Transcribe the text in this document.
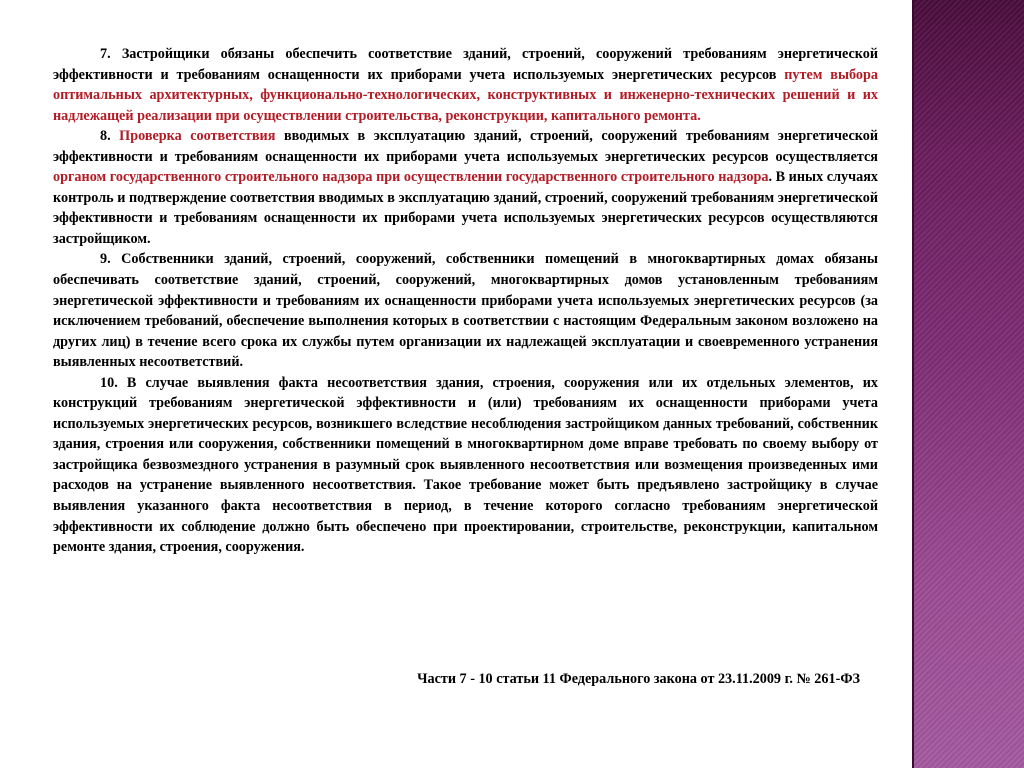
7. Застройщики обязаны обеспечить соответствие зданий, строений, сооружений требованиям энергетической эффективности и требованиям оснащенности их приборами учета используемых энергетических ресурсов путем выбора оптимальных архитектурных, функционально-технологических, конструктивных и инженерно-технических решений и их надлежащей реализации при осуществлении строительства, реконструкции, капитального ремонта.

8. Проверка соответствия вводимых в эксплуатацию зданий, строений, сооружений требованиям энергетической эффективности и требованиям оснащенности их приборами учета используемых энергетических ресурсов осуществляется органом государственного строительного надзора при осуществлении государственного строительного надзора. В иных случаях контроль и подтверждение соответствия вводимых в эксплуатацию зданий, строений, сооружений требованиям энергетической эффективности и требованиям оснащенности их приборами учета используемых энергетических ресурсов осуществляются застройщиком.

9. Собственники зданий, строений, сооружений, собственники помещений в многоквартирных домах обязаны обеспечивать соответствие зданий, строений, сооружений, многоквартирных домов установленным требованиям энергетической эффективности и требованиям их оснащенности приборами учета используемых энергетических ресурсов (за исключением требований, обеспечение выполнения которых в соответствии с настоящим Федеральным законом возложено на других лиц) в течение всего срока их службы путем организации их надлежащей эксплуатации и своевременного устранения выявленных несоответствий.

10. В случае выявления факта несоответствия здания, строения, сооружения или их отдельных элементов, их конструкций требованиям энергетической эффективности и (или) требованиям их оснащенности приборами учета используемых энергетических ресурсов, возникшего вследствие несоблюдения застройщиком данных требований, собственник здания, строения или сооружения, собственники помещений в многоквартирном доме вправе требовать по своему выбору от застройщика безвозмездного устранения в разумный срок выявленного несоответствия или возмещения произведенных ими расходов на устранение выявленного несоответствия. Такое требование может быть предъявлено застройщику в случае выявления указанного факта несоответствия в период, в течение которого согласно требованиям энергетической эффективности их соблюдение должно быть обеспечено при проектировании, строительстве, реконструкции, капитальном ремонте здания, строения, сооружения.

Части 7 - 10 статьи 11 Федерального закона от 23.11.2009 г. № 261-ФЗ
